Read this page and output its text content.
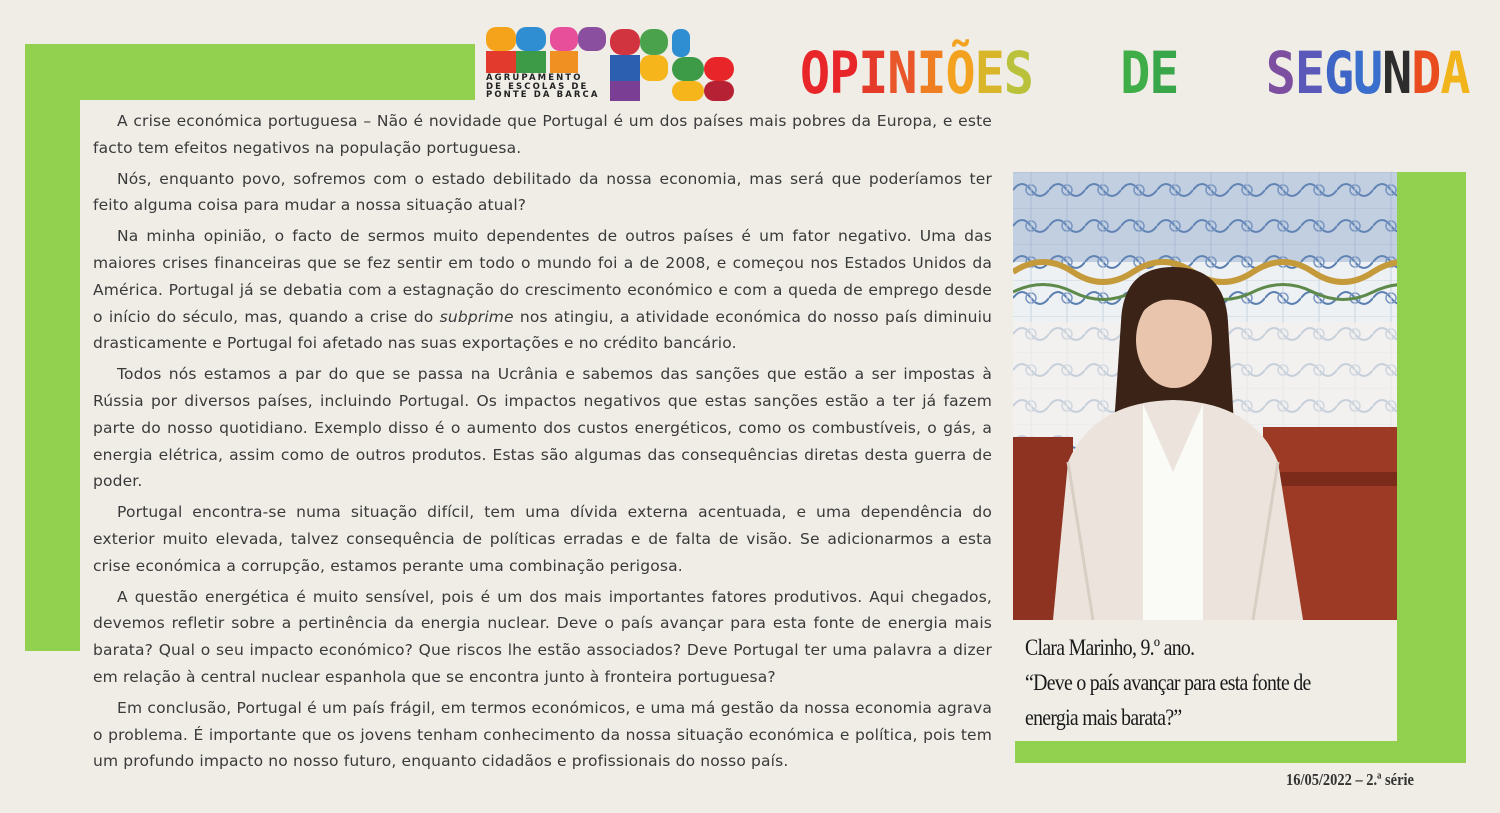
AGRUPAMENTO
DE ESCOLAS DE
PONTE DA BARCA	OPINIÕES DE SEGUNDA

A crise económica portuguesa – Não é novidade que Portugal é um dos países mais pobres da Europa, e este facto tem efeitos negativos na população portuguesa.

Nós, enquanto povo, sofremos com o estado debilitado da nossa economia, mas será que poderíamos ter feito alguma coisa para mudar a nossa situação atual?

Na minha opinião, o facto de sermos muito dependentes de outros países é um fator negativo. Uma das maiores crises financeiras que se fez sentir em todo o mundo foi a de 2008, e começou nos Estados Unidos da América. Portugal já se debatia com a estagnação do crescimento económico e com a queda de emprego desde o início do século, mas, quando a crise do subprime nos atingiu, a atividade económica do nosso país diminuiu drasticamente e Portugal foi afetado nas suas exportações e no crédito bancário.

Todos nós estamos a par do que se passa na Ucrânia e sabemos das sanções que estão a ser impostas à Rússia por diversos países, incluindo Portugal. Os impactos negativos que estas sanções estão a ter já fazem parte do nosso quotidiano. Exemplo disso é o aumento dos custos energéticos, como os combustíveis, o gás, a energia elétrica, assim como de outros produtos. Estas são algumas das consequências diretas desta guerra de poder.

Portugal encontra-se numa situação difícil, tem uma dívida externa acentuada, e uma dependência do exterior muito elevada, talvez consequência de políticas erradas e de falta de visão. Se adicionarmos a esta crise económica a corrupção, estamos perante uma combinação perigosa.

A questão energética é muito sensível, pois é um dos mais importantes fatores produtivos. Aqui chegados, devemos refletir sobre a pertinência da energia nuclear. Deve o país avançar para esta fonte de energia mais barata? Qual o seu impacto económico? Que riscos lhe estão associados? Deve Portugal ter uma palavra a dizer em relação à central nuclear espanhola que se encontra junto à fronteira portuguesa?

Em conclusão, Portugal é um país frágil, em termos económicos, e uma má gestão da nossa economia agrava o problema. É importante que os jovens tenham conhecimento da nossa situação económica e política, pois tem um profundo impacto no nosso futuro, enquanto cidadãos e profissionais do nosso país.

Clara Marinho, 9.º ano.
“Deve o país avançar para esta fonte de
energia mais barata?”
16/05/2022 – 2.ª série
